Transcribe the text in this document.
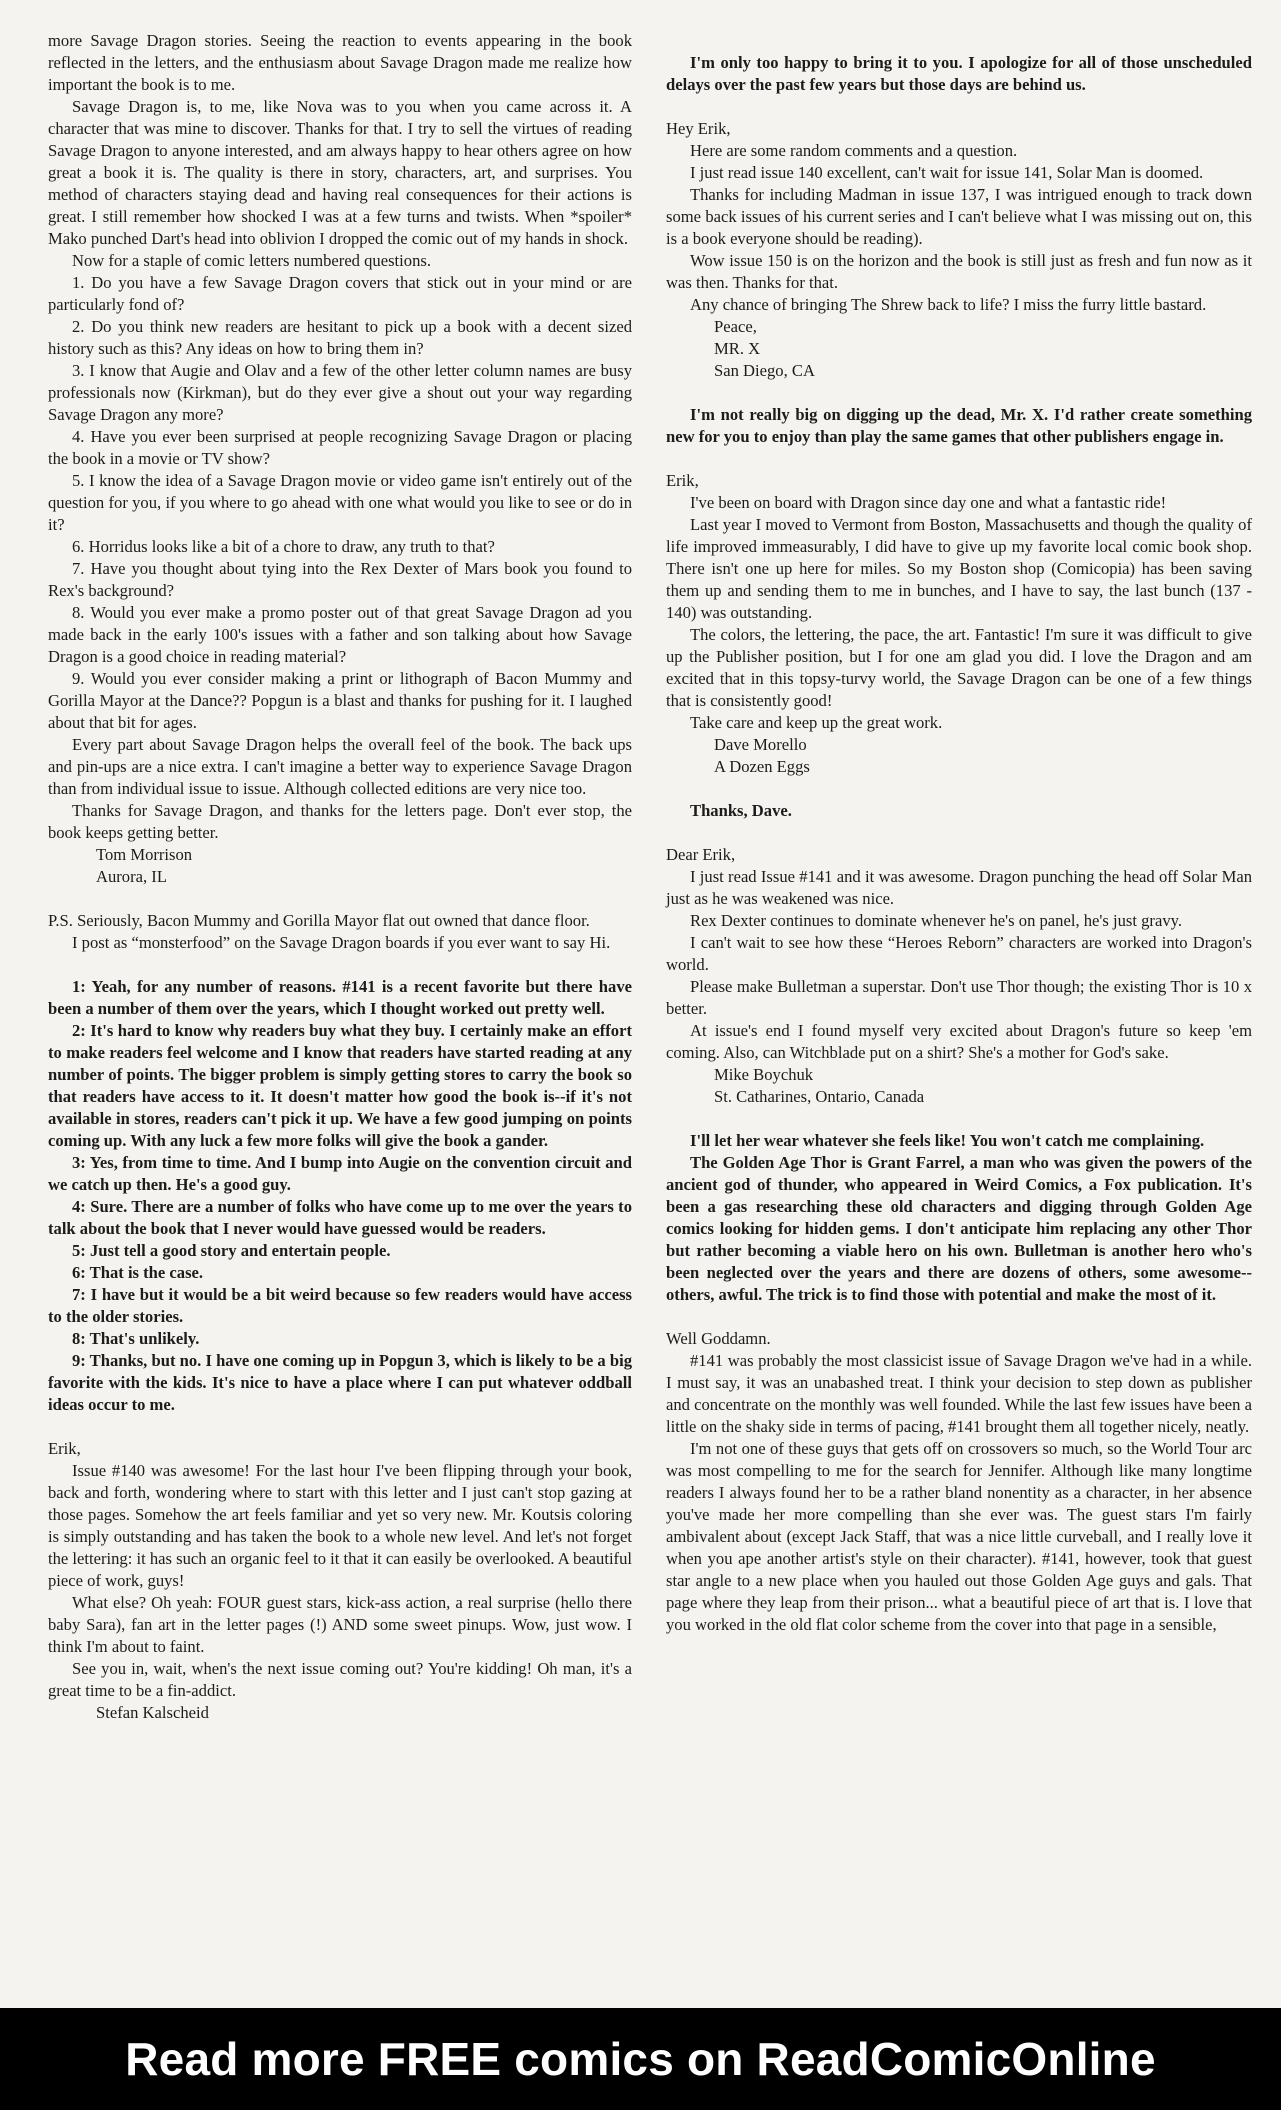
more Savage Dragon stories. Seeing the reaction to events appearing in the book reflected in the letters, and the enthusiasm about Savage Dragon made me realize how important the book is to me.

Savage Dragon is, to me, like Nova was to you when you came across it. A character that was mine to discover. Thanks for that. I try to sell the virtues of reading Savage Dragon to anyone interested, and am always happy to hear others agree on how great a book it is. The quality is there in story, characters, art, and surprises. You method of characters staying dead and having real consequences for their actions is great. I still remember how shocked I was at a few turns and twists. When *spoiler* Mako punched Dart's head into oblivion I dropped the comic out of my hands in shock.

Now for a staple of comic letters numbered questions.

1. Do you have a few Savage Dragon covers that stick out in your mind or are particularly fond of?

2. Do you think new readers are hesitant to pick up a book with a decent sized history such as this? Any ideas on how to bring them in?

3. I know that Augie and Olav and a few of the other letter column names are busy professionals now (Kirkman), but do they ever give a shout out your way regarding Savage Dragon any more?

4. Have you ever been surprised at people recognizing Savage Dragon or placing the book in a movie or TV show?

5. I know the idea of a Savage Dragon movie or video game isn't entirely out of the question for you, if you where to go ahead with one what would you like to see or do in it?

6. Horridus looks like a bit of a chore to draw, any truth to that?

7. Have you thought about tying into the Rex Dexter of Mars book you found to Rex's background?

8. Would you ever make a promo poster out of that great Savage Dragon ad you made back in the early 100's issues with a father and son talking about how Savage Dragon is a good choice in reading material?

9. Would you ever consider making a print or lithograph of Bacon Mummy and Gorilla Mayor at the Dance?? Popgun is a blast and thanks for pushing for it. I laughed about that bit for ages.

Every part about Savage Dragon helps the overall feel of the book. The back ups and pin-ups are a nice extra. I can't imagine a better way to experience Savage Dragon than from individual issue to issue. Although collected editions are very nice too.

Thanks for Savage Dragon, and thanks for the letters page. Don't ever stop, the book keeps getting better.

Tom Morrison

Aurora, IL

P.S. Seriously, Bacon Mummy and Gorilla Mayor flat out owned that dance floor.

I post as “monsterfood” on the Savage Dragon boards if you ever want to say Hi.

1: Yeah, for any number of reasons. #141 is a recent favorite but there have been a number of them over the years, which I thought worked out pretty well.

2: It's hard to know why readers buy what they buy. I certainly make an effort to make readers feel welcome and I know that readers have started reading at any number of points. The bigger problem is simply getting stores to carry the book so that readers have access to it. It doesn't matter how good the book is--if it's not available in stores, readers can't pick it up. We have a few good jumping on points coming up. With any luck a few more folks will give the book a gander.

3: Yes, from time to time. And I bump into Augie on the convention circuit and we catch up then. He's a good guy.

4: Sure. There are a number of folks who have come up to me over the years to talk about the book that I never would have guessed would be readers.

5: Just tell a good story and entertain people.

6: That is the case.

7: I have but it would be a bit weird because so few readers would have access to the older stories.

8: That's unlikely.

9: Thanks, but no. I have one coming up in Popgun 3, which is likely to be a big favorite with the kids. It's nice to have a place where I can put whatever oddball ideas occur to me.

Erik,

Issue #140 was awesome! For the last hour I've been flipping through your book, back and forth, wondering where to start with this letter and I just can't stop gazing at those pages. Somehow the art feels familiar and yet so very new. Mr. Koutsis coloring is simply outstanding and has taken the book to a whole new level. And let's not forget the lettering: it has such an organic feel to it that it can easily be overlooked. A beautiful piece of work, guys!

What else? Oh yeah: FOUR guest stars, kick-ass action, a real surprise (hello there baby Sara), fan art in the letter pages (!) AND some sweet pinups. Wow, just wow. I think I'm about to faint.

See you in, wait, when's the next issue coming out? You're kidding! Oh man, it's a great time to be a fin-addict.

Stefan Kalscheid

I'm only too happy to bring it to you. I apologize for all of those unscheduled delays over the past few years but those days are behind us.

Hey Erik,

Here are some random comments and a question.

I just read issue 140 excellent, can't wait for issue 141, Solar Man is doomed.

Thanks for including Madman in issue 137, I was intrigued enough to track down some back issues of his current series and I can't believe what I was missing out on, this is a book everyone should be reading).

Wow issue 150 is on the horizon and the book is still just as fresh and fun now as it was then. Thanks for that.

Any chance of bringing The Shrew back to life? I miss the furry little bastard.

Peace,

MR. X

San Diego, CA

I'm not really big on digging up the dead, Mr. X. I'd rather create something new for you to enjoy than play the same games that other publishers engage in.

Erik,

I've been on board with Dragon since day one and what a fantastic ride!

Last year I moved to Vermont from Boston, Massachusetts and though the quality of life improved immeasurably, I did have to give up my favorite local comic book shop. There isn't one up here for miles. So my Boston shop (Comicopia) has been saving them up and sending them to me in bunches, and I have to say, the last bunch (137 - 140) was outstanding.

The colors, the lettering, the pace, the art. Fantastic! I'm sure it was difficult to give up the Publisher position, but I for one am glad you did. I love the Dragon and am excited that in this topsy-turvy world, the Savage Dragon can be one of a few things that is consistently good!

Take care and keep up the great work.

Dave Morello

A Dozen Eggs

Thanks, Dave.

Dear Erik,

I just read Issue #141 and it was awesome. Dragon punching the head off Solar Man just as he was weakened was nice.

Rex Dexter continues to dominate whenever he's on panel, he's just gravy.

I can't wait to see how these “Heroes Reborn” characters are worked into Dragon's world.

Please make Bulletman a superstar. Don't use Thor though; the existing Thor is 10 x better.

At issue's end I found myself very excited about Dragon's future so keep 'em coming. Also, can Witchblade put on a shirt? She's a mother for God's sake.

Mike Boychuk

St. Catharines, Ontario, Canada

I'll let her wear whatever she feels like! You won't catch me complaining.

The Golden Age Thor is Grant Farrel, a man who was given the powers of the ancient god of thunder, who appeared in Weird Comics, a Fox publication. It's been a gas researching these old characters and digging through Golden Age comics looking for hidden gems. I don't anticipate him replacing any other Thor but rather becoming a viable hero on his own. Bulletman is another hero who's been neglected over the years and there are dozens of others, some awesome--others, awful. The trick is to find those with potential and make the most of it.

Well Goddamn.

#141 was probably the most classicist issue of Savage Dragon we've had in a while. I must say, it was an unabashed treat. I think your decision to step down as publisher and concentrate on the monthly was well founded. While the last few issues have been a little on the shaky side in terms of pacing, #141 brought them all together nicely, neatly.

I'm not one of these guys that gets off on crossovers so much, so the World Tour arc was most compelling to me for the search for Jennifer. Although like many longtime readers I always found her to be a rather bland nonentity as a character, in her absence you've made her more compelling than she ever was. The guest stars I'm fairly ambivalent about (except Jack Staff, that was a nice little curveball, and I really love it when you ape another artist's style on their character). #141, however, took that guest star angle to a new place when you hauled out those Golden Age guys and gals. That page where they leap from their prison... what a beautiful piece of art that is. I love that you worked in the old flat color scheme from the cover into that page in a sensible,

Read more FREE comics on ReadComicOnline
